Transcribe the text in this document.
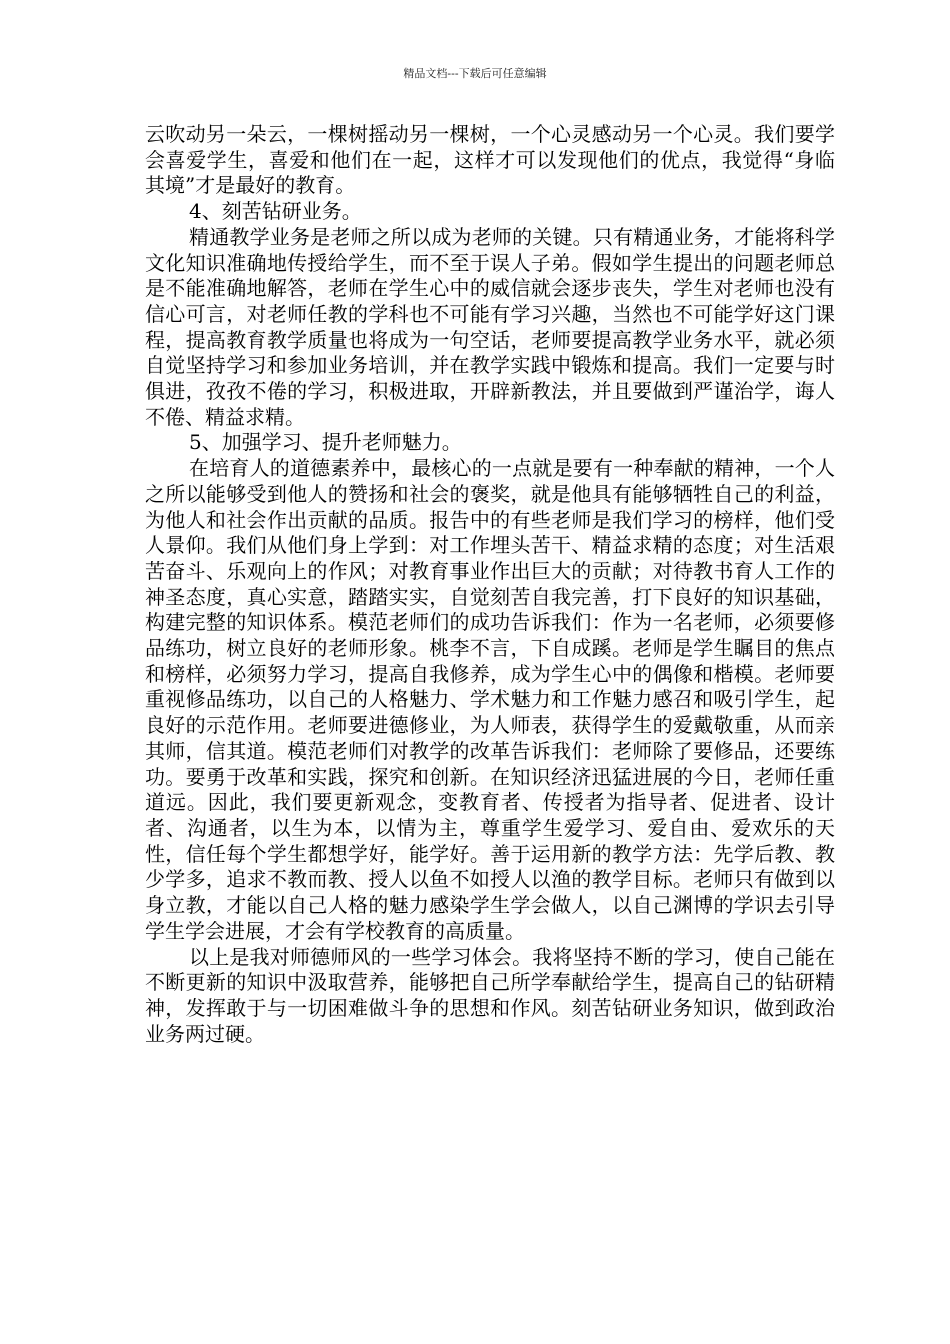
精品文档---下载后可任意编辑

云吹动另一朵云，一棵树摇动另一棵树，一个心灵感动另一个心灵。我们要学会喜爱学生，喜爱和他们在一起，这样才可以发现他们的优点，我觉得“身临其境”才是最好的教育。

4、刻苦钻研业务。

精通教学业务是老师之所以成为老师的关键。只有精通业务，才能将科学文化知识准确地传授给学生，而不至于误人子弟。假如学生提出的问题老师总是不能准确地解答，老师在学生心中的威信就会逐步丧失，学生对老师也没有信心可言，对老师任教的学科也不可能有学习兴趣，当然也不可能学好这门课程，提高教育教学质量也将成为一句空话，老师要提高教学业务水平，就必须自觉坚持学习和参加业务培训，并在教学实践中锻炼和提高。我们一定要与时俱进，孜孜不倦的学习，积极进取，开辟新教法，并且要做到严谨治学，诲人不倦、精益求精。

5、加强学习、提升老师魅力。

在培育人的道德素养中，最核心的一点就是要有一种奉献的精神，一个人之所以能够受到他人的赞扬和社会的褒奖，就是他具有能够牺牲自己的利益，为他人和社会作出贡献的品质。报告中的有些老师是我们学习的榜样，他们受人景仰。我们从他们身上学到：对工作埋头苦干、精益求精的态度；对生活艰苦奋斗、乐观向上的作风；对教育事业作出巨大的贡献；对待教书育人工作的神圣态度，真心实意，踏踏实实，自觉刻苦自我完善，打下良好的知识基础，构建完整的知识体系。模范老师们的成功告诉我们：作为一名老师，必须要修品练功，树立良好的老师形象。桃李不言，下自成蹊。老师是学生瞩目的焦点和榜样，必须努力学习，提高自我修养，成为学生心中的偶像和楷模。老师要重视修品练功，以自己的人格魅力、学术魅力和工作魅力感召和吸引学生，起良好的示范作用。老师要进德修业，为人师表，获得学生的爱戴敬重，从而亲其师，信其道。模范老师们对教学的改革告诉我们：老师除了要修品，还要练功。要勇于改革和实践，探究和创新。在知识经济迅猛进展的今日，老师任重道远。因此，我们要更新观念，变教育者、传授者为指导者、促进者、设计者、沟通者，以生为本，以情为主，尊重学生爱学习、爱自由、爱欢乐的天性，信任每个学生都想学好，能学好。善于运用新的教学方法：先学后教、教少学多，追求不教而教、授人以鱼不如授人以渔的教学目标。老师只有做到以身立教，才能以自己人格的魅力感染学生学会做人，以自己渊博的学识去引导学生学会进展，才会有学校教育的高质量。

以上是我对师德师风的一些学习体会。我将坚持不断的学习，使自己能在不断更新的知识中汲取营养，能够把自己所学奉献给学生，提高自己的钻研精神，发挥敢于与一切困难做斗争的思想和作风。刻苦钻研业务知识，做到政治业务两过硬。
